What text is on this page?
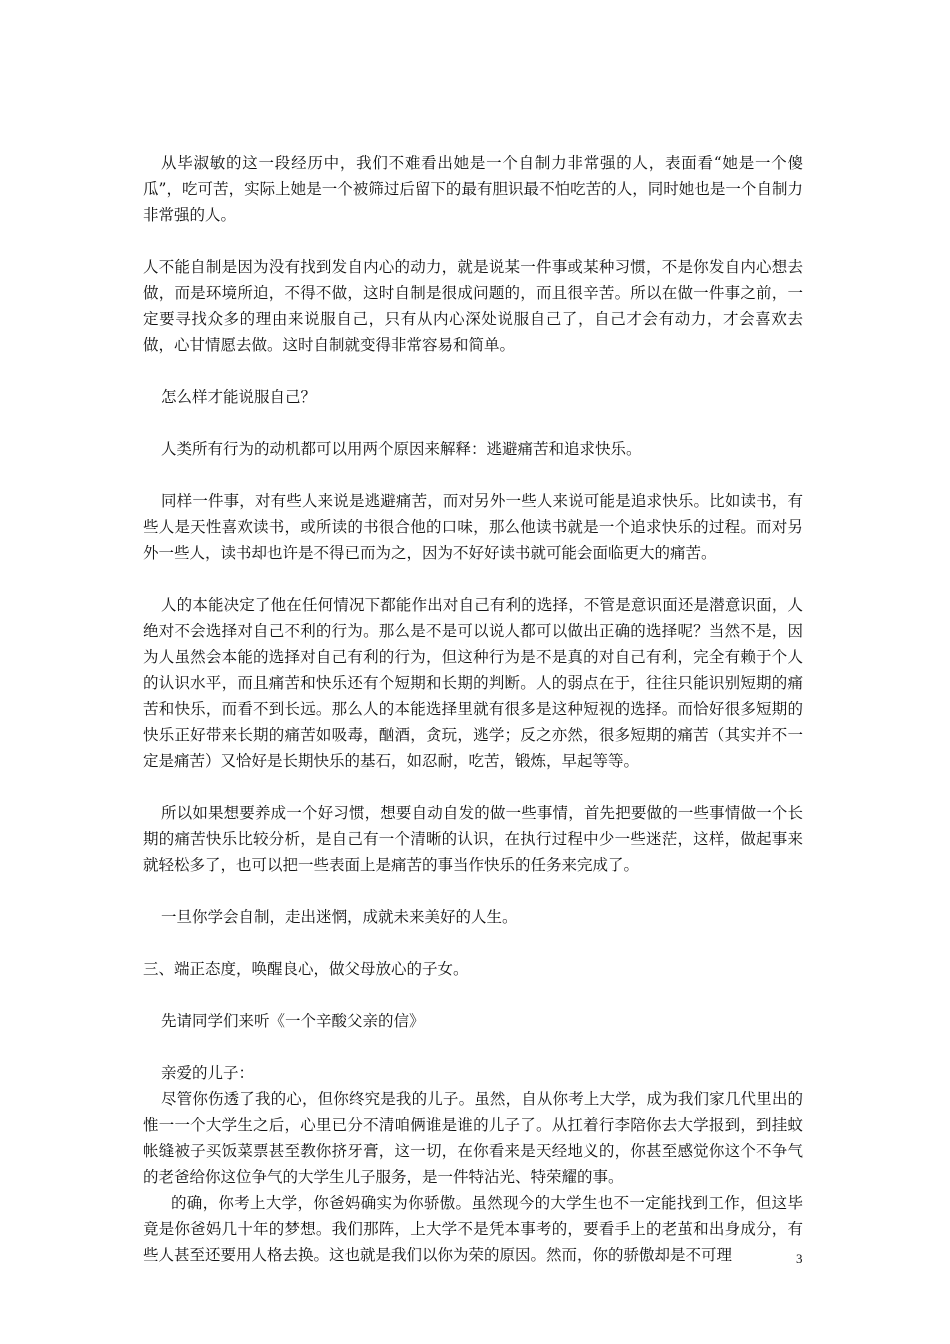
从毕淑敏的这一段经历中，我们不难看出她是一个自制力非常强的人，表面看“她是一个傻瓜”，吃可苦，实际上她是一个被筛过后留下的最有胆识最不怕吃苦的人，同时她也是一个自制力非常强的人。

人不能自制是因为没有找到发自内心的动力，就是说某一件事或某种习惯，不是你发自内心想去做，而是环境所迫，不得不做，这时自制是很成问题的，而且很辛苦。所以在做一件事之前，一定要寻找众多的理由来说服自己，只有从内心深处说服自己了，自己才会有动力，才会喜欢去做，心甘情愿去做。这时自制就变得非常容易和简单。

怎么样才能说服自己？

人类所有行为的动机都可以用两个原因来解释：逃避痛苦和追求快乐。

同样一件事，对有些人来说是逃避痛苦，而对另外一些人来说可能是追求快乐。比如读书，有些人是天性喜欢读书，或所读的书很合他的口味，那么他读书就是一个追求快乐的过程。而对另外一些人，读书却也许是不得已而为之，因为不好好读书就可能会面临更大的痛苦。

人的本能决定了他在任何情况下都能作出对自己有利的选择，不管是意识面还是潜意识面，人绝对不会选择对自己不利的行为。那么是不是可以说人都可以做出正确的选择呢？当然不是，因为人虽然会本能的选择对自己有利的行为，但这种行为是不是真的对自己有利，完全有赖于个人的认识水平，而且痛苦和快乐还有个短期和长期的判断。人的弱点在于，往往只能识别短期的痛苦和快乐，而看不到长远。那么人的本能选择里就有很多是这种短视的选择。而恰好很多短期的快乐正好带来长期的痛苦如吸毒，酗酒，贪玩，逃学；反之亦然，很多短期的痛苦（其实并不一定是痛苦）又恰好是长期快乐的基石，如忍耐，吃苦，锻炼，早起等等。

所以如果想要养成一个好习惯，想要自动自发的做一些事情，首先把要做的一些事情做一个长期的痛苦快乐比较分析，是自己有一个清晰的认识，在执行过程中少一些迷茫，这样，做起事来就轻松多了，也可以把一些表面上是痛苦的事当作快乐的任务来完成了。

一旦你学会自制，走出迷惘，成就未来美好的人生。

三、端正态度，唤醒良心，做父母放心的子女。

先请同学们来听《一个辛酸父亲的信》

亲爱的儿子：

尽管你伤透了我的心，但你终究是我的儿子。虽然，自从你考上大学，成为我们家几代里出的惟一一个大学生之后，心里已分不清咱俩谁是谁的儿子了。从扛着行李陪你去大学报到，到挂蚊帐缝被子买饭菜票甚至教你挤牙膏，这一切，在你看来是天经地义的，你甚至感觉你这个不争气的老爸给你这位争气的大学生儿子服务，是一件特沾光、特荣耀的事。

的确，你考上大学，你爸妈确实为你骄傲。虽然现今的大学生也不一定能找到工作，但这毕竟是你爸妈几十年的梦想。我们那阵，上大学不是凭本事考的，要看手上的老茧和出身成分，有些人甚至还要用人格去换。这也就是我们以你为荣的原因。然而，你的骄傲却是不可理	3
